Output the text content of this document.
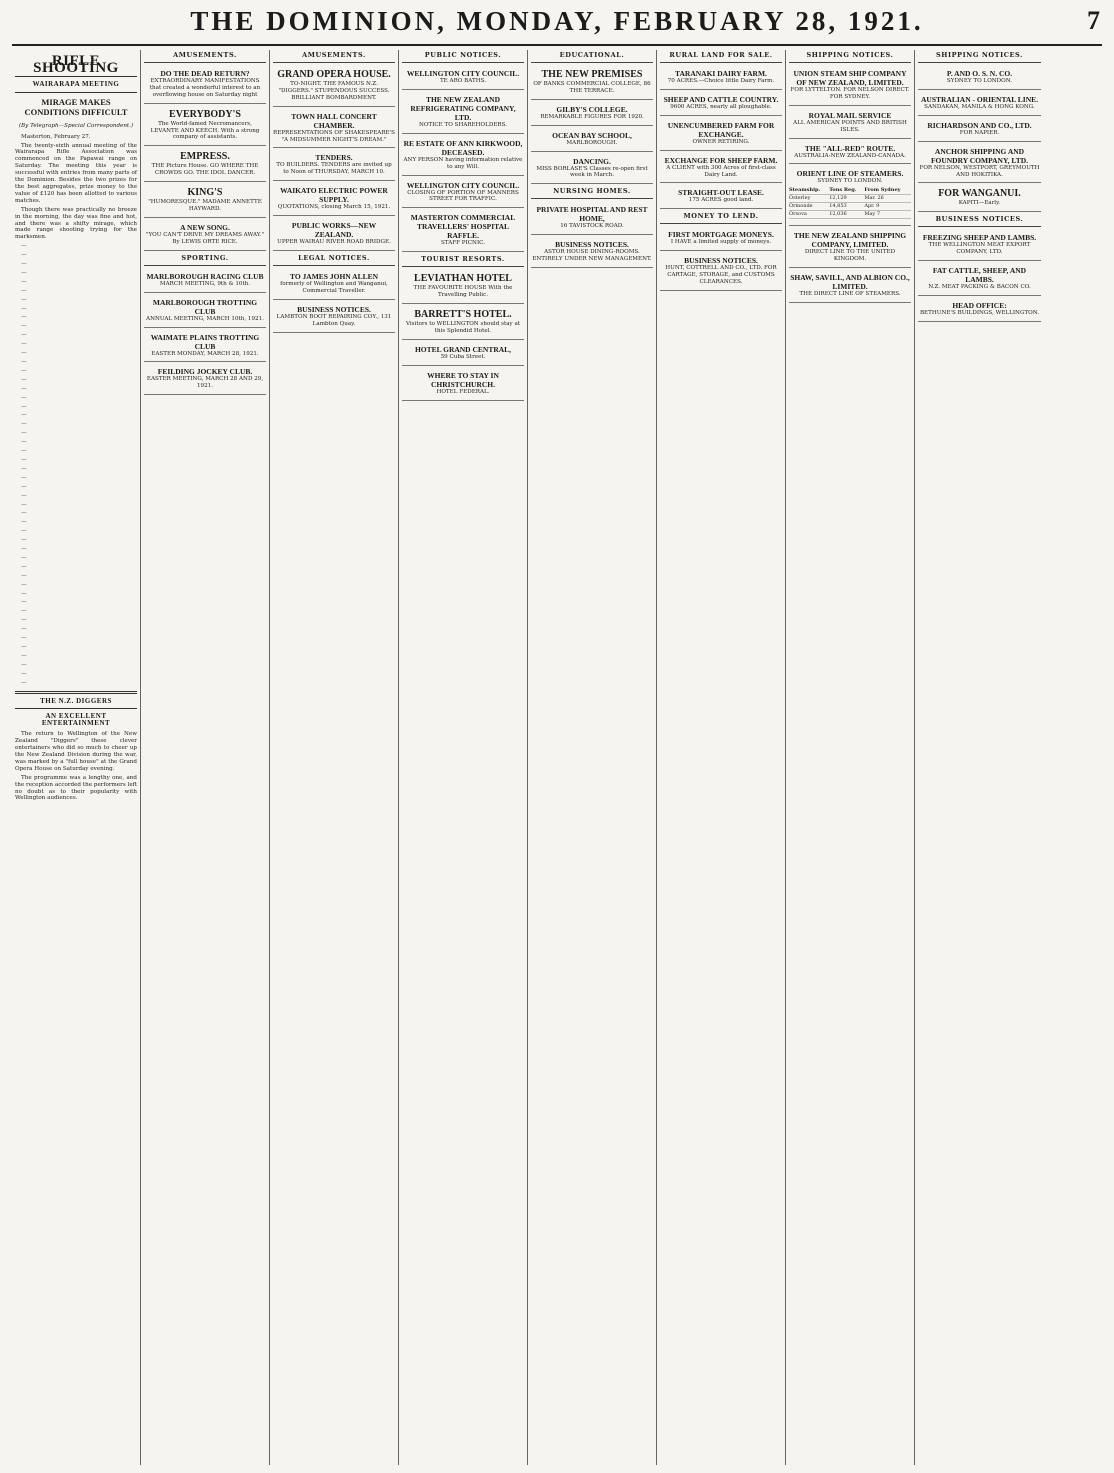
THE DOMINION, MONDAY, FEBRUARY 28, 1921.	7
RIFLE SHOOTING
WAIRARAPA MEETING
MIRAGE MAKES CONDITIONS DIFFICULT
(By Telegraph—Special Correspondent.)

Masterton, February 27.

The twenty-sixth annual meeting of the Wairarapa Rifle Association was commenced on the Papawai range on Saturday. The meeting this year is successful with entries from many parts of the Dominion. Besides the two prizes for the best aggregates, prize money to the value of £120 has been allotted to various matches.

Though there was practically no breeze in the morning, the day was fine and hot, and there was a shifty mirage, which made range shooting trying for the marksmen.

—

—

—

—

—

—

—

—

—

—

—

—

—

—

—

—

—

—

—

—

—

—

—

—

—

—

—

—

—

—

—

—

—

—

—

—

—

—

—

—

—

—

—

—

—

—

—

—

—

—

THE N.Z. DIGGERS
AN EXCELLENT ENTERTAINMENT

The return to Wellington of the New Zealand "Diggers" these clever entertainers who did so much to cheer up the New Zealand Division during the war, was marked by a "full house" at the Grand Opera House on Saturday evening.

The programme was a lengthy one, and the reception accorded the performers left no doubt as to their popularity with Wellington audiences.

AMUSEMENTS.
DO THE DEAD RETURN?
EXTRAORDINARY MANIFESTATIONS that created a wonderful interest to an overflowing house on Saturday night
EVERYBODY'S
The World-famed Necromancers, LEVANTE AND KEECH. With a strong company of assistants.
EMPRESS.
THE Picture House. GO WHERE THE CROWDS GO. THE IDOL DANCER.
KING'S
"HUMORESQUE." MADAME ANNETTE HAYWARD.
A NEW SONG.
"YOU CAN'T DRIVE MY DREAMS AWAY." By LEWIS ORTE RICE.
SPORTING.
MARLBOROUGH RACING CLUB
MARCH MEETING, 9th & 10th.
MARLBOROUGH TROTTING CLUB
ANNUAL MEETING, MARCH 10th, 1921.
WAIMATE PLAINS TROTTING CLUB
EASTER MONDAY, MARCH 28, 1921.
FEILDING JOCKEY CLUB.
EASTER MEETING, MARCH 28 AND 29, 1921.
AMUSEMENTS.
GRAND OPERA HOUSE.
TO-NIGHT. THE FAMOUS N.Z. "DIGGERS." STUPENDOUS SUCCESS. BRILLIANT BOMBARDMENT.
TOWN HALL CONCERT CHAMBER.
REPRESENTATIONS OF SHAKESPEARE'S "A MIDSUMMER NIGHT'S DREAM."
TENDERS.
TO BUILDERS. TENDERS are invited up to Noon of THURSDAY, MARCH 10.
WAIKATO ELECTRIC POWER SUPPLY.
QUOTATIONS, closing March 15, 1921.
PUBLIC WORKS—NEW ZEALAND.
UPPER WAIRAU RIVER ROAD BRIDGE.
LEGAL NOTICES.
TO JAMES JOHN ALLEN
formerly of Wellington and Wanganui, Commercial Traveller.
BUSINESS NOTICES.
LAMBTON BOOT REPAIRING COY., 131 Lambton Quay.
PUBLIC NOTICES.
WELLINGTON CITY COUNCIL.
TE ARO BATHS.
THE NEW ZEALAND REFRIGERATING COMPANY, LTD.
NOTICE TO SHAREHOLDERS.
RE ESTATE OF ANN KIRKWOOD, DECEASED.
ANY PERSON having information relative to any Will.
WELLINGTON CITY COUNCIL.
CLOSING OF PORTION OF MANNERS STREET FOR TRAFFIC.
MASTERTON COMMERCIAL TRAVELLERS' HOSPITAL RAFFLE.
STAFF PICNIC.
TOURIST RESORTS.
LEVIATHAN HOTEL
THE FAVOURITE HOUSE With the Travelling Public.
BARRETT'S HOTEL.
Visitors to WELLINGTON should stay at this Splendid Hotel.
HOTEL GRAND CENTRAL,
59 Cuba Street.
WHERE TO STAY IN CHRISTCHURCH.
HOTEL FEDERAL.
EDUCATIONAL.
THE NEW PREMISES
OF BANKS COMMERCIAL COLLEGE, 86 THE TERRACE.
GILBY'S COLLEGE.
REMARKABLE FIGURES FOR 1920.
OCEAN BAY SCHOOL,
MARLBOROUGH.
DANCING.
MISS BORLASE'S Classes re-open first week in March.
NURSING HOMES.
PRIVATE HOSPITAL AND REST HOME,
16 TAVISTOCK ROAD.
BUSINESS NOTICES.
ASTOR HOUSE DINING-ROOMS. ENTIRELY UNDER NEW MANAGEMENT.
RURAL LAND FOR SALE.
TARANAKI DAIRY FARM.
70 ACRES.—Choice little Dairy Farm.
SHEEP AND CATTLE COUNTRY.
9600 ACRES, nearly all ploughable.
UNENCUMBERED FARM FOR EXCHANGE.
OWNER RETIRING.
EXCHANGE FOR SHEEP FARM.
A CLIENT with 300 Acres of first-class Dairy Land.
STRAIGHT-OUT LEASE.
175 ACRES good land.
MONEY TO LEND.
FIRST MORTGAGE MONEYS.
I HAVE a limited supply of moneys.
BUSINESS NOTICES.
HUNT, COTTRELL AND CO., LTD. FOR CARTAGE, STORAGE, and CUSTOMS CLEARANCES.
SHIPPING NOTICES.
UNION STEAM SHIP COMPANY OF NEW ZEALAND, LIMITED.
FOR LYTTELTON. FOR NELSON DIRECT. FOR SYDNEY.
ROYAL MAIL SERVICE
ALL AMERICAN POINTS AND BRITISH ISLES.
THE "ALL-RED" ROUTE.
AUSTRALIA-NEW ZEALAND-CANADA.
ORIENT LINE OF STEAMERS.
SYDNEY TO LONDON.
Steamship.	Tons Reg.	From Sydney
Osterley	12,129	Mar. 26
Ormonde	14,853	Apr. 9
Orsova	12,036	May 7
THE NEW ZEALAND SHIPPING COMPANY, LIMITED.
DIRECT LINE TO THE UNITED KINGDOM.
SHAW, SAVILL, AND ALBION CO., LIMITED.
THE DIRECT LINE OF STEAMERS.
SHIPPING NOTICES.
P. AND O. S. N. CO.
SYDNEY TO LONDON.
AUSTRALIAN - ORIENTAL LINE.
SANDAKAN, MANILA & HONG KONG.
RICHARDSON AND CO., LTD.
FOR NAPIER.
ANCHOR SHIPPING AND FOUNDRY COMPANY, LTD.
FOR NELSON, WESTPORT, GREYMOUTH AND HOKITIKA.
FOR WANGANUI.
KAPITI—Early.
BUSINESS NOTICES.
FREEZING SHEEP AND LAMBS.
THE WELLINGTON MEAT EXPORT COMPANY, LTD.
FAT CATTLE, SHEEP, AND LAMBS.
N.Z. MEAT PACKING & BACON CO.
HEAD OFFICE:
BETHUNE'S BUILDINGS, WELLINGTON.
